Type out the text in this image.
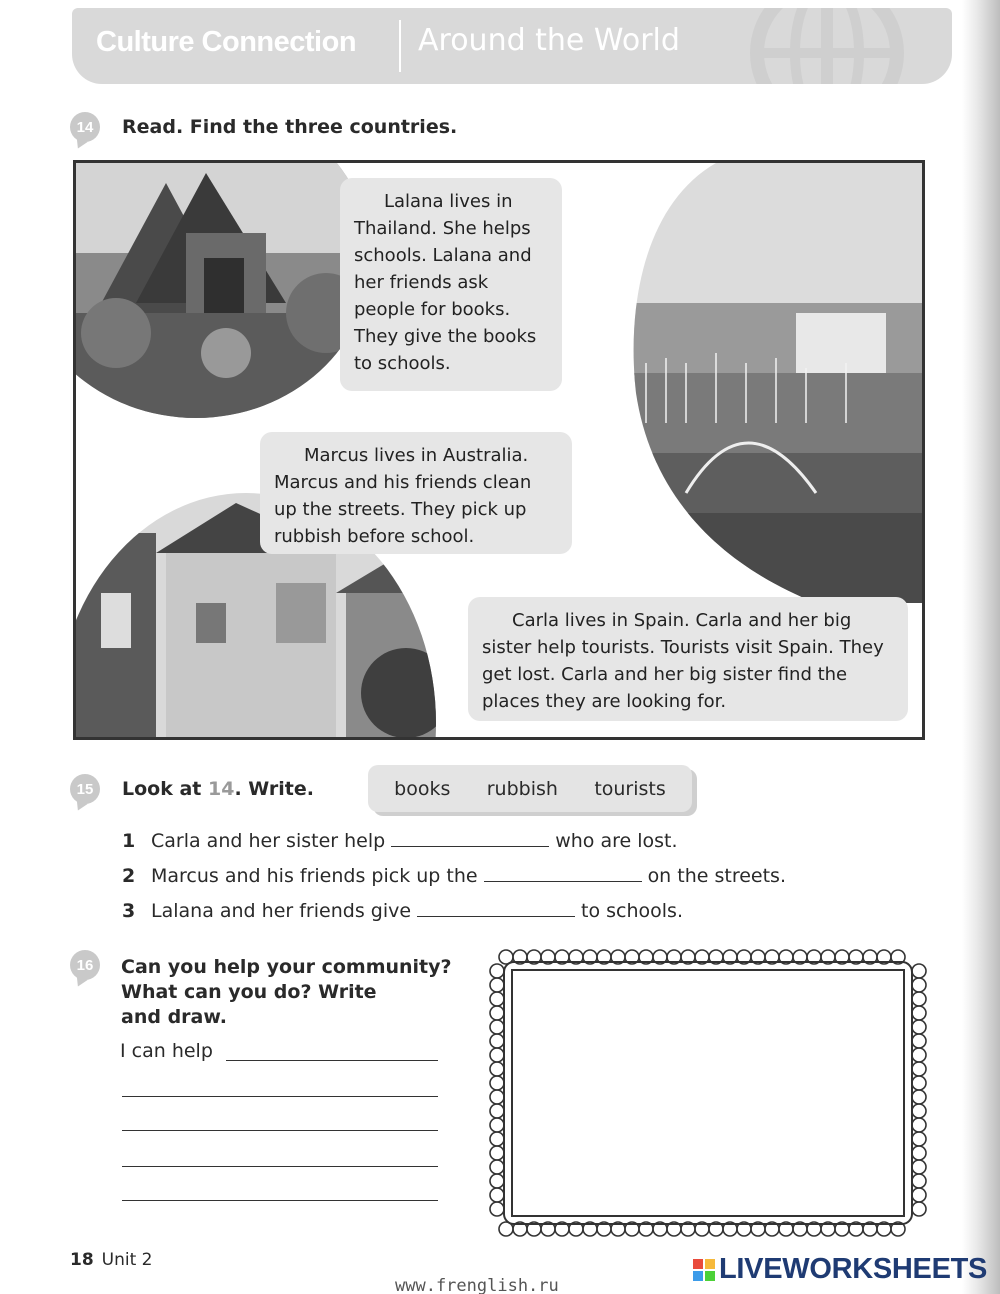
Culture Connection Around the World
14	Read. Find the three countries.
Lalana lives in Thailand. She helps schools. Lalana and her friends ask people for books. They give the books to schools.
Marcus lives in Australia. Marcus and his friends clean up the streets. They pick up rubbish before school.
Carla lives in Spain. Carla and her big sister help tourists. Tourists visit Spain. They get lost. Carla and her big sister find the places they are looking for.
15	Look at 14. Write.	books rubbish tourists
1 Carla and her sister help	who are lost.
2 Marcus and his friends pick up the	on the streets.
3 Lalana and her friends give	to schools.
16	Can you help your community?
What can you do? Write
and draw.
I can help
18 Unit 2
www.frenglish.ru
LIVEWORKSHEETS
